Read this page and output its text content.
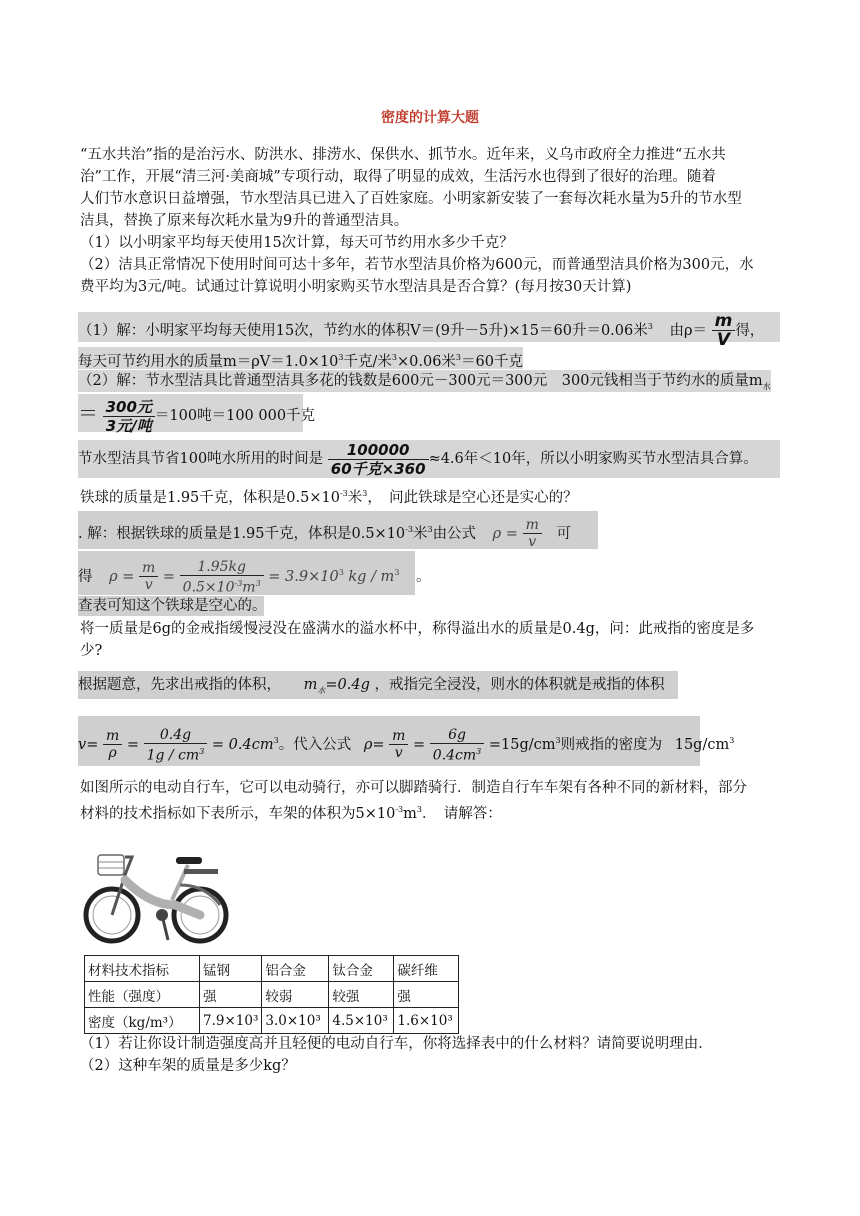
密度的计算大题
“五水共治”指的是治污水、防洪水、排涝水、保供水、抓节水。近年来，义乌市政府全力推进“五水共
治”工作，开展“清三河·美商城”专项行动，取得了明显的成效，生活污水也得到了很好的治理。随着
人们节水意识日益增强，节水型洁具已进入了百姓家庭。小明家新安装了一套每次耗水量为5升的节水型
洁具，替换了原来每次耗水量为9升的普通型洁具。
（1）以小明家平均每天使用15次计算，每天可节约用水多少千克？
（2）洁具正常情况下使用时间可达十多年，若节水型洁具价格为600元，而普通型洁具价格为300元，水
费平均为3元/吨。试通过计算说明小明家购买节水型洁具是否合算？(每月按30天计算)
（1）解：小明家平均每天使用15次，节约水的体积V＝(9升－5升)×15＝60升＝0.06米$^3$ 由$\rho= \frac{m}{V}$ 得，
每天可节约用水的质量$m=\rho V=1.0\times 10^3$千克/米$^3$×0.06米$^3$＝60千克
（2）解：节水型洁具比普通型洁具多花的钱数是600元－300元＝300元　300元钱相当于节约水的质量$m_水$
＝ $\frac{\text{300元}}{\text{3元/吨}} =100$吨＝100 000千克
节水型洁具节省100吨水所用的时间是 $\frac{100000}{\text{60千克×360}} \approx 4.6$年＜10年，所以小明家购买节水型洁具合算。
铁球的质量是1.95千克，体积是$0.5\times 10^{-3}$米$^3$，　问此铁球是空心还是实心的？
. 解：根据铁球的质量是1.95千克，体积是$0.5\times 10^{-3}$米$^3$由公式 $\rho = \frac{m}{v}$ 可
得 $\rho = \frac{m}{v} = \frac{1.95kg}{0.5\times 10^{-3}m^3} = 3.9\times 10^3$ kg / $m^3$ 。
查表可知这个铁球是空心的。
将一质量是6g的金戒指缓慢浸没在盛满水的溢水杯中，称得溢出水的质量是0.4g，问：此戒指的密度是多
少?
根据题意，先求出戒指的体积， $m_水=0.4g$ ，戒指完全浸没，则水的体积就是戒指的体积
$v= \frac{m}{\rho} = \frac{0.4g}{1g / cm^3} = 0.4cm^3$。代入公式 $\rho= \frac{m}{v} = \frac{6g}{0.4cm^3} =15g/cm^3$则戒指的密度为 $15g/cm^3$
如图所示的电动自行车，它可以电动骑行，亦可以脚踏骑行．制造自行车车架有各种不同的新材料，部分
材料的技术指标如下表所示，车架的体积为$5\times 10^{-3}m^3$．　请解答：
材料技术指标	锰钢	铝合金	钛合金	碳纤维
性能（强度）	强	较弱	较强	强
密度（kg/m³）	7.9×10³	3.0×10³	4.5×10³	1.6×10³
（1）若让你设计制造强度高并且轻便的电动自行车，你将选择表中的什么材料？请简要说明理由．
（2）这种车架的质量是多少kg？
